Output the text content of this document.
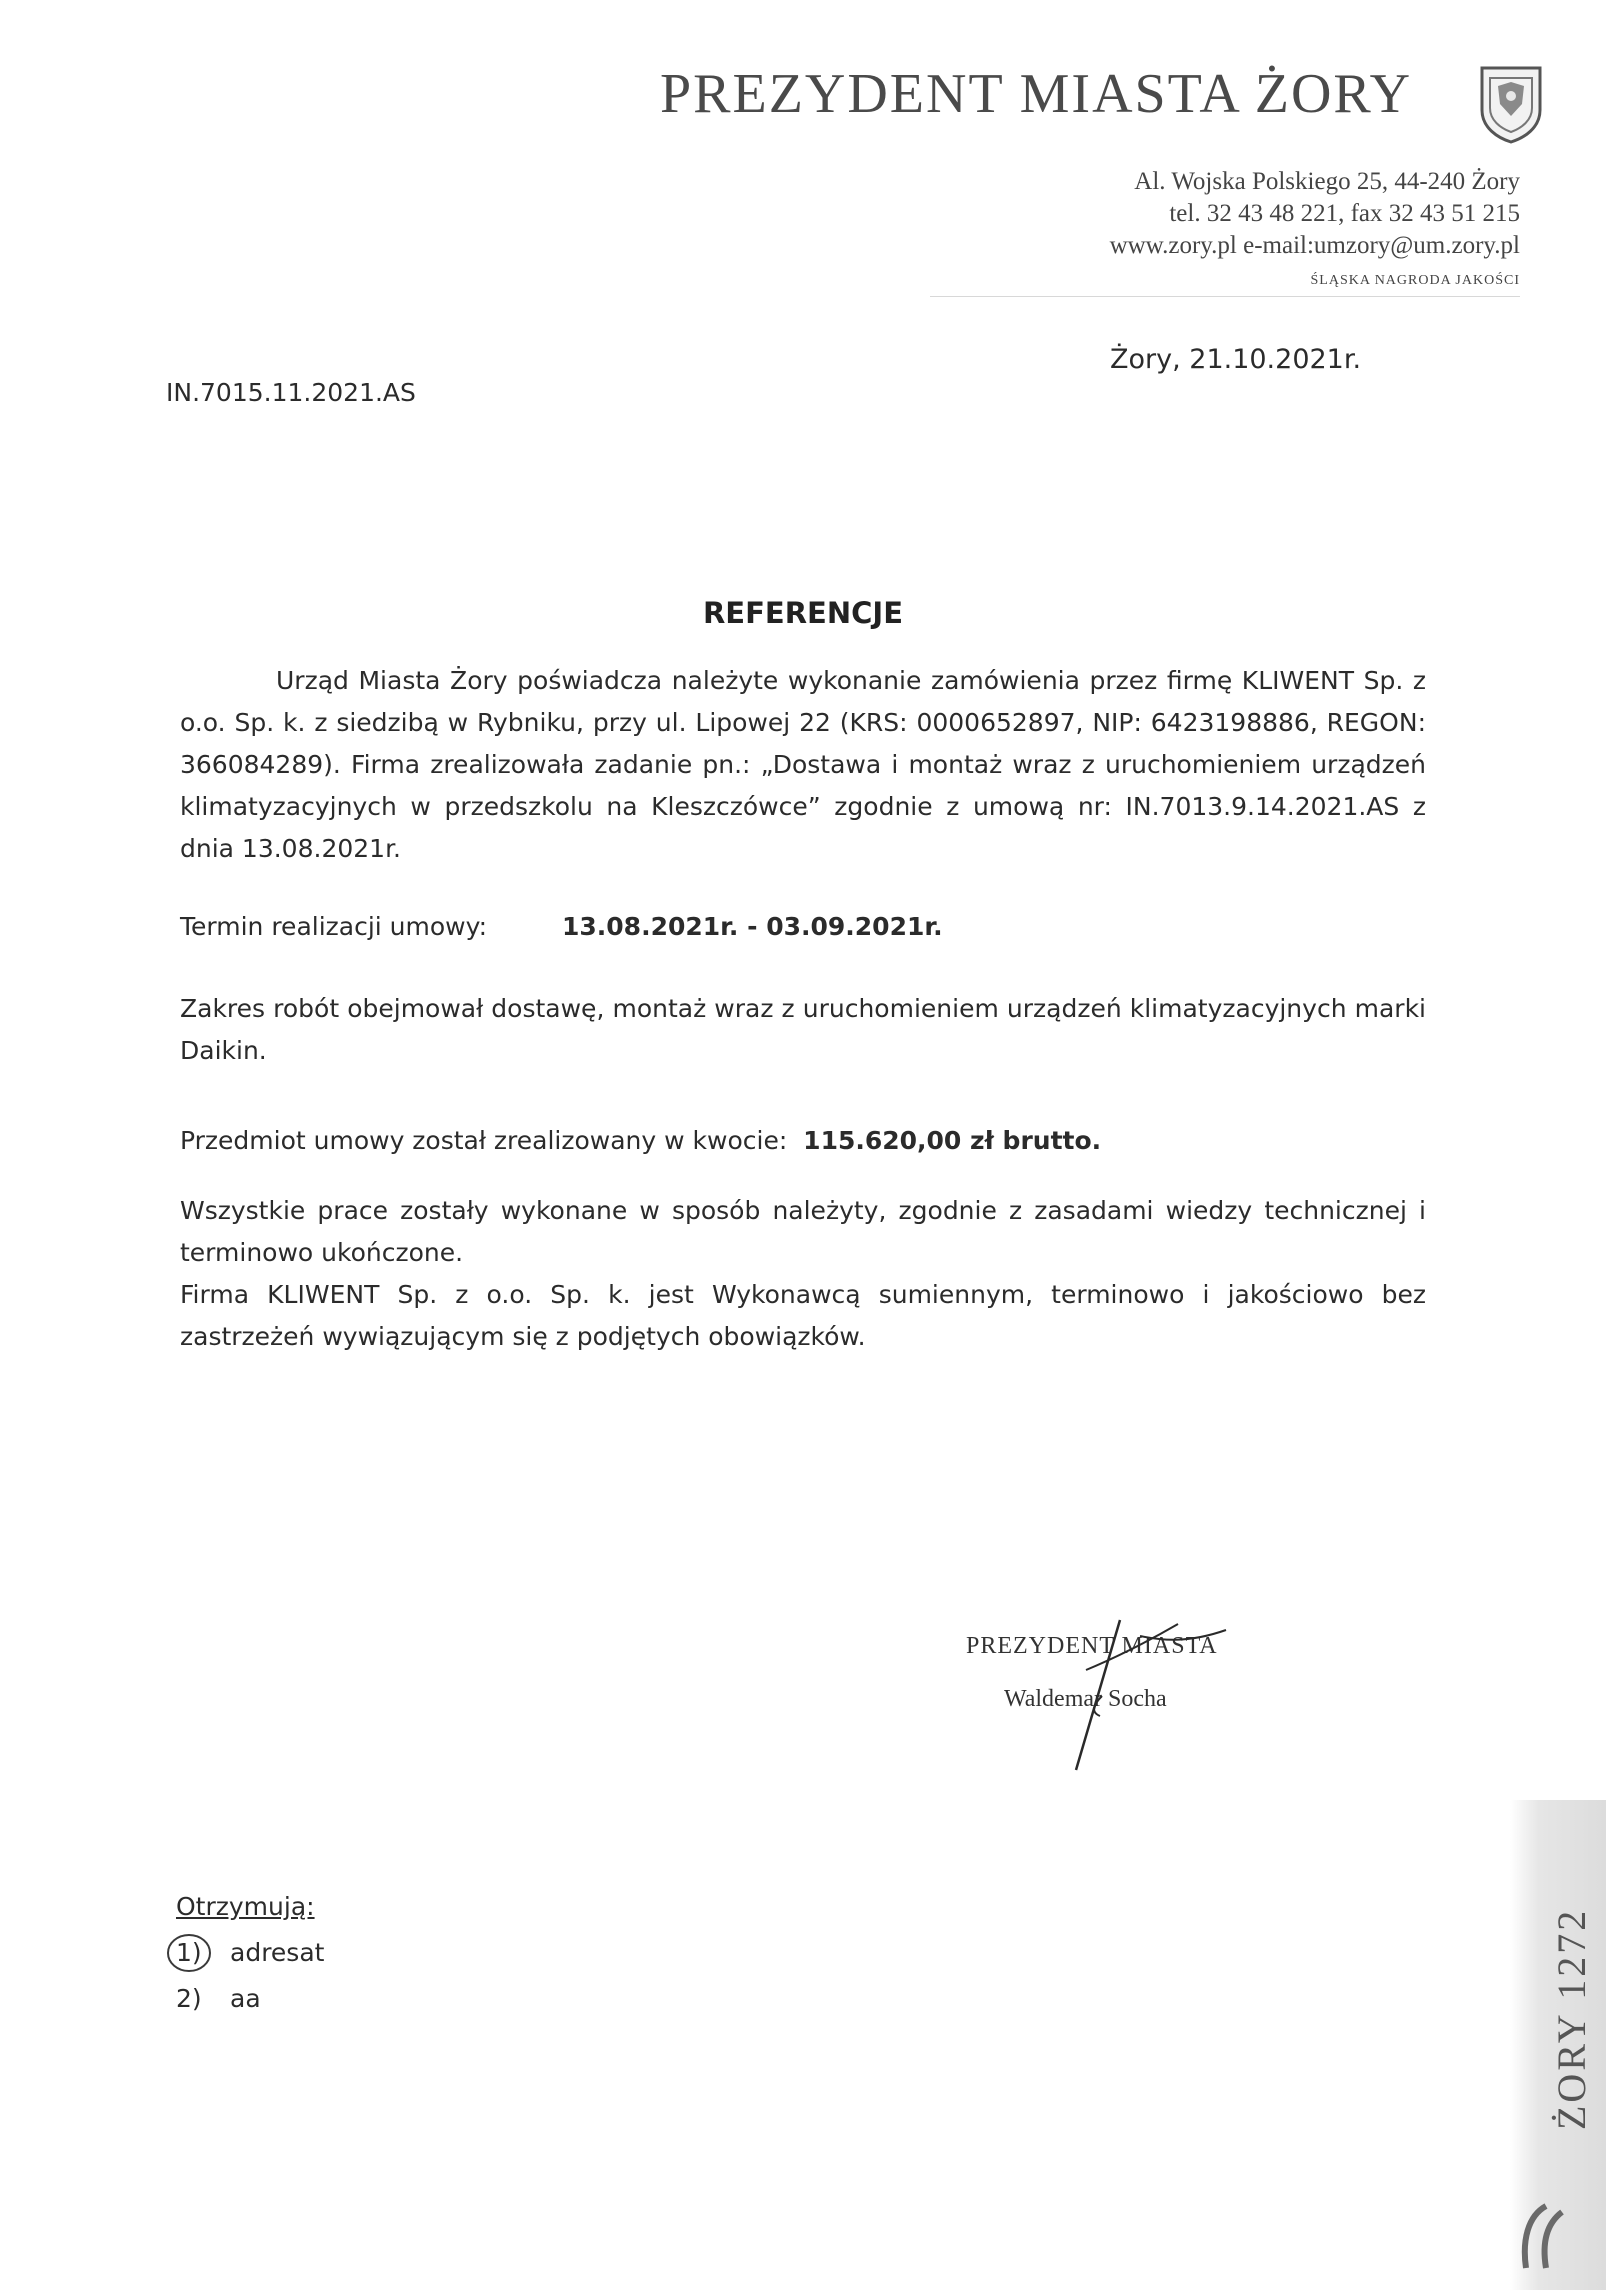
PREZYDENT MIASTA ŻORY
Al. Wojska Polskiego 25, 44-240 Żory
tel. 32 43 48 221, fax 32 43 51 215
www.zory.pl e-mail:umzory@um.zory.pl
ŚLĄSKA NAGRODA JAKOŚCI
IN.7015.11.2021.AS
Żory, 21.10.2021r.
REFERENCJE
Urząd Miasta Żory poświadcza należyte wykonanie zamówienia przez firmę KLIWENT Sp. z o.o. Sp. k. z siedzibą w Rybniku, przy ul. Lipowej 22 (KRS: 0000652897, NIP: 6423198886, REGON: 366084289). Firma zrealizowała zadanie pn.: „Dostawa i montaż wraz z uruchomieniem urządzeń klimatyzacyjnych w przedszkolu na Kleszczówce” zgodnie z umową nr: IN.7013.9.14.2021.AS z dnia 13.08.2021r.
Termin realizacji umowy:	13.08.2021r. - 03.09.2021r.
Zakres robót obejmował dostawę, montaż wraz z uruchomieniem urządzeń klimatyzacyjnych marki Daikin.
Przedmiot umowy został zrealizowany w kwocie: 115.620,00 zł brutto.
Wszystkie prace zostały wykonane w sposób należyty, zgodnie z zasadami wiedzy technicznej i terminowo ukończone.
Firma KLIWENT Sp. z o.o. Sp. k. jest Wykonawcą sumiennym, terminowo i jakościowo bez zastrzeżeń wywiązującym się z podjętych obowiązków.
PREZYDENT MIASTA
Waldemar Socha
Otrzymują:
1) adresat
2) aa	ŻORY 1272
